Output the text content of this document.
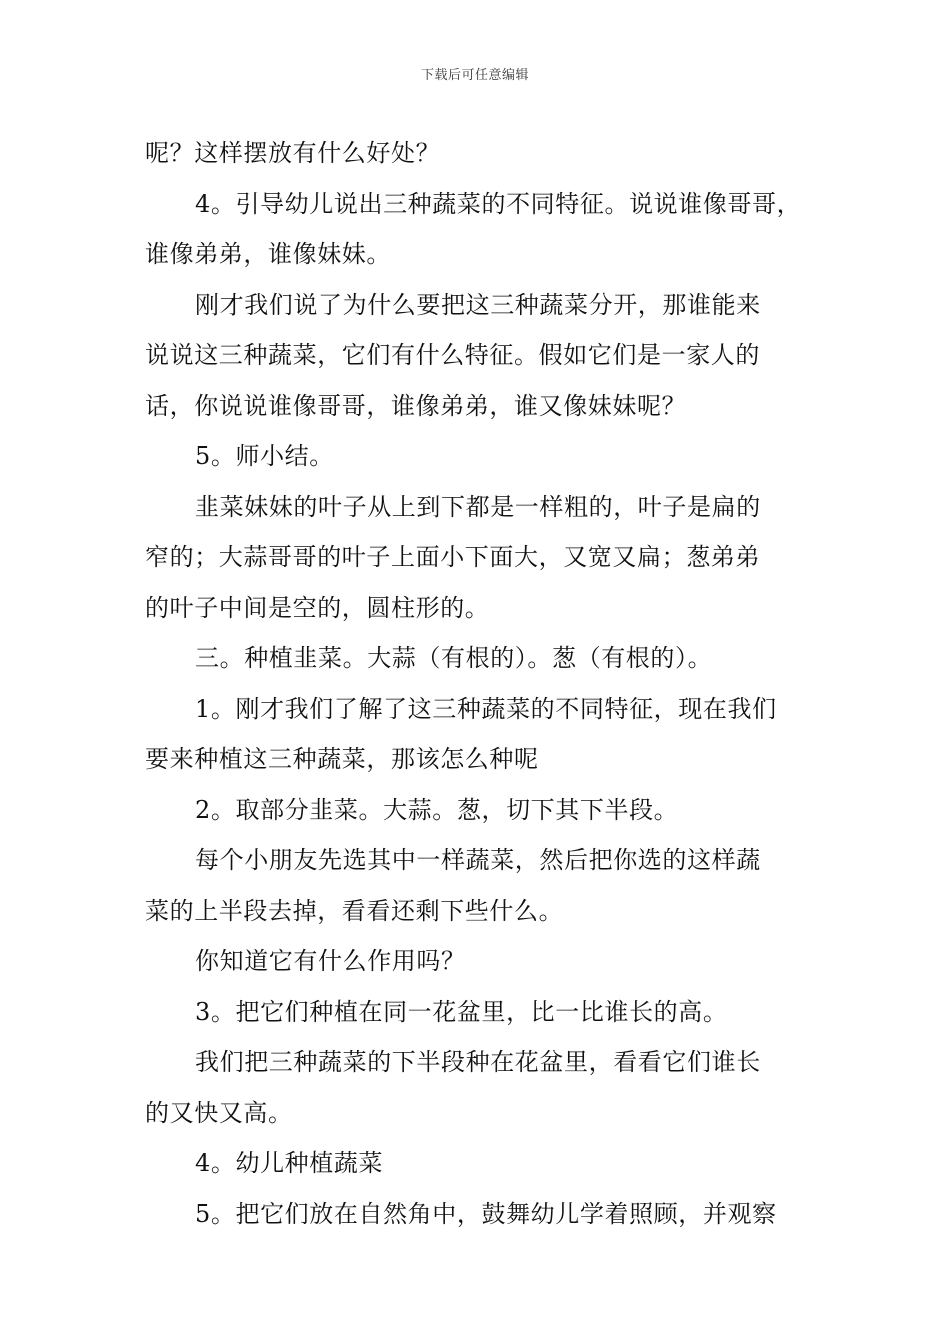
下载后可任意编辑
呢？这样摆放有什么好处？
4。引导幼儿说出三种蔬菜的不同特征。说说谁像哥哥，
谁像弟弟，谁像妹妹。
刚才我们说了为什么要把这三种蔬菜分开，那谁能来
说说这三种蔬菜，它们有什么特征。假如它们是一家人的
话，你说说谁像哥哥，谁像弟弟，谁又像妹妹呢？
5。师小结。
韭菜妹妹的叶子从上到下都是一样粗的，叶子是扁的
窄的；大蒜哥哥的叶子上面小下面大，又宽又扁；葱弟弟
的叶子中间是空的，圆柱形的。
三。种植韭菜。大蒜（有根的）。葱（有根的）。
1。刚才我们了解了这三种蔬菜的不同特征，现在我们
要来种植这三种蔬菜，那该怎么种呢
2。取部分韭菜。大蒜。葱，切下其下半段。
每个小朋友先选其中一样蔬菜，然后把你选的这样蔬
菜的上半段去掉，看看还剩下些什么。
你知道它有什么作用吗？
3。把它们种植在同一花盆里，比一比谁长的高。
我们把三种蔬菜的下半段种在花盆里，看看它们谁长
的又快又高。
4。幼儿种植蔬菜
5。把它们放在自然角中，鼓舞幼儿学着照顾，并观察
